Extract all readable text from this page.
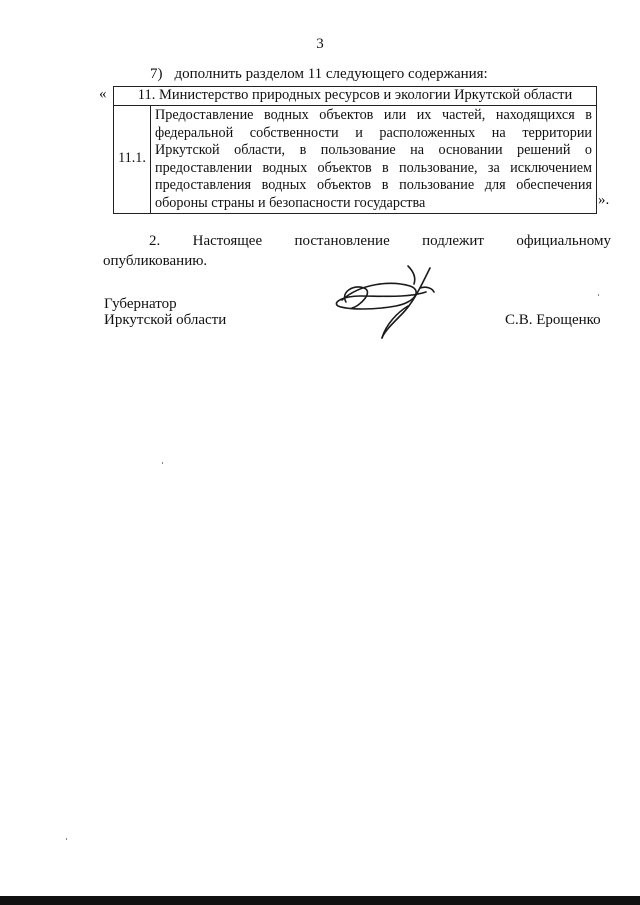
3
7) дополнить разделом 11 следующего содержания:
« 11. Министерство природных ресурсов и экологии Иркутской области
11.1.	Предоставление водных объектов или их частей, находящихся в федеральной собственности и расположенных на территории Иркутской области, в пользование на основании решений о предоставлении водных объектов в пользование, за исключением предоставления водных объектов в пользование для обеспечения обороны страны и безопасности государства	».
2. Настоящее постановление подлежит официальному
опубликованию.
Губернатор
Иркутской области	С.В. Ерощенко
